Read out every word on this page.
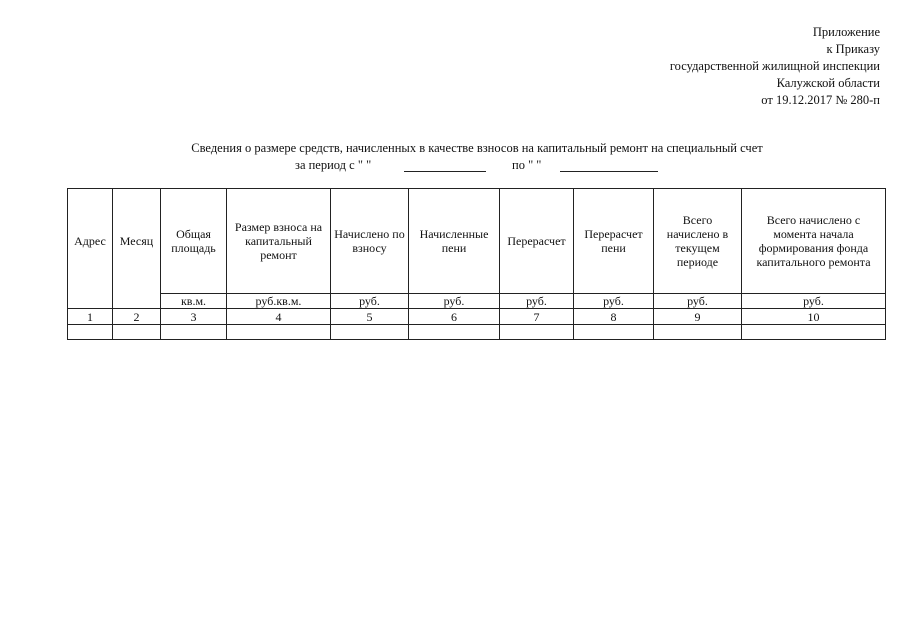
Приложение
к Приказу
государственной жилищной инспекции
Калужской области
от 19.12.2017 № 280-п
Сведения о размере средств, начисленных в качестве взносов на капитальный ремонт на специальный счет
за период с " "	по " "
Адрес	Месяц	Общая площадь	Размер взноса на капитальный ремонт	Начислено по взносу	Начисленные пени	Перерасчет	Перерасчет пени	Всего начислено в текущем периоде	Всего начислено с момента начала формирования фонда капитального ремонта
		кв.м.	руб.кв.м.	руб.	руб.	руб.	руб.	руб.	руб.
1	2	3	4	5	6	7	8	9	10
